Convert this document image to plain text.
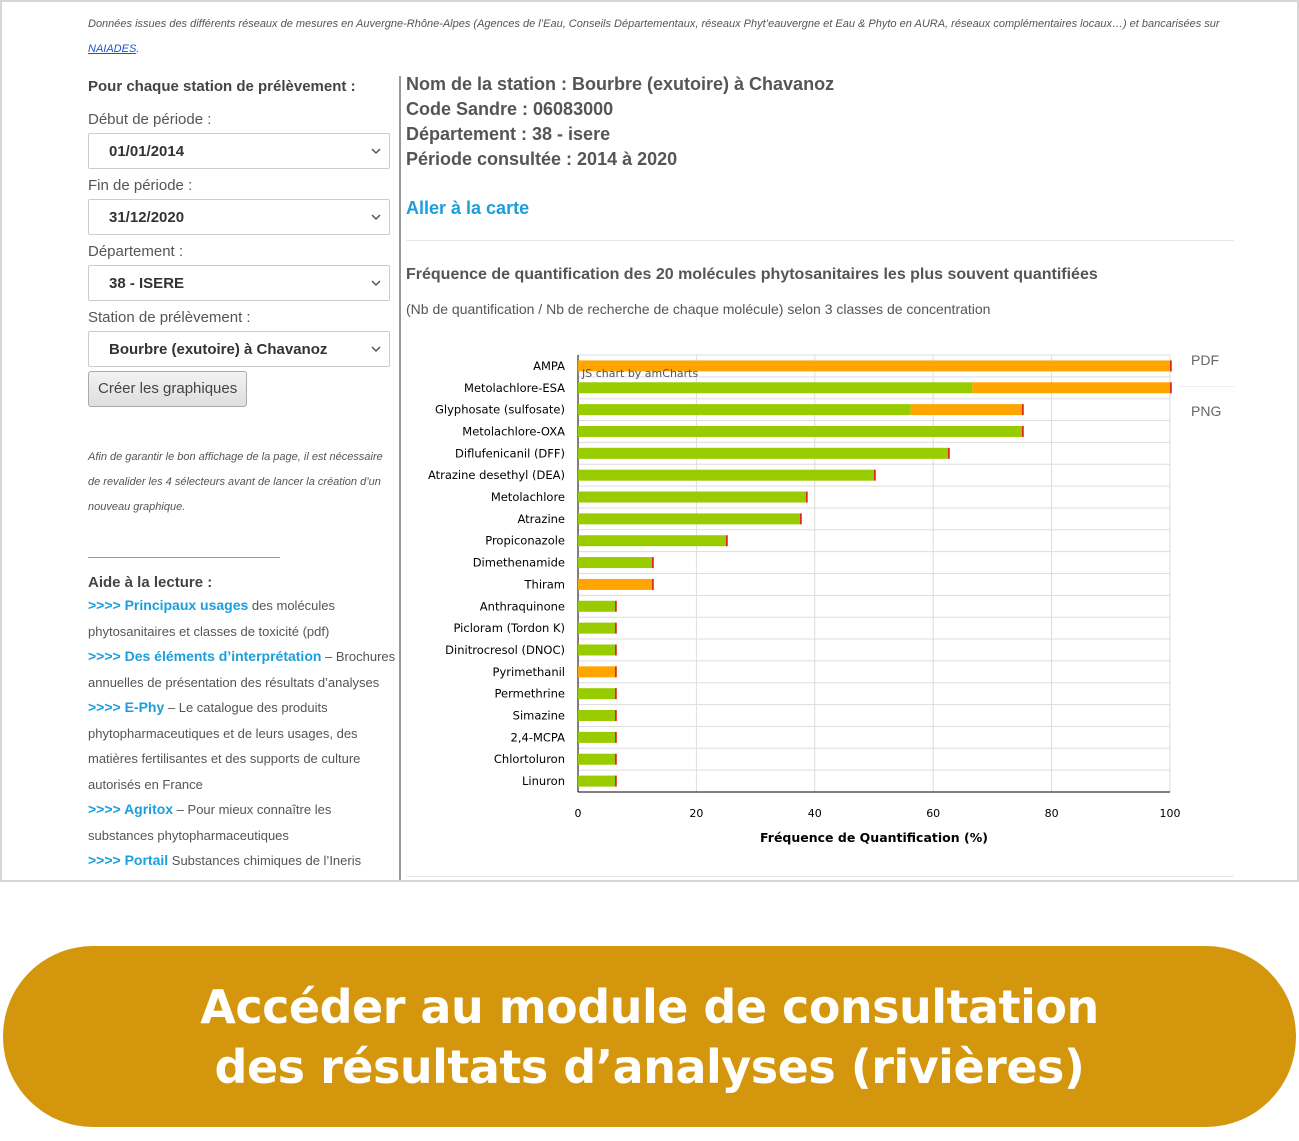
Données issues des différents réseaux de mesures en Auvergne-Rhône-Alpes (Agences de l’Eau, Conseils Départementaux, réseaux Phyt’eauvergne et Eau & Phyto en AURA, réseaux complémentaires locaux…) et bancarisées sur NAIADES.

Pour chaque station de prélèvement :
Début de période :
01/01/2014
Fin de période :
31/12/2020
Département :
38 - ISERE
Station de prélèvement :
Bourbre (exutoire) à Chavanoz
Créer les graphiques

Afin de garantir le bon affichage de la page, il est nécessaire de revalider les 4 sélecteurs avant de lancer la création d’un nouveau graphique.

Aide à la lecture :
>>>> Principaux usages des molécules phytosanitaires et classes de toxicité (pdf)
>>>> Des éléments d’interprétation – Brochures annuelles de présentation des résultats d’analyses
>>>> E-Phy – Le catalogue des produits phytopharmaceutiques et de leurs usages, des matières fertilisantes et des supports de culture autorisés en France
>>>> Agritox – Pour mieux connaître les substances phytopharmaceutiques
>>>> Portail Substances chimiques de l’Ineris
Nom de la station : Bourbre (exutoire) à Chavanoz
Code Sandre : 06083000
Département : 38 - isere
Période consultée : 2014 à 2020
Aller à la carte
Fréquence de quantification des 20 molécules phytosanitaires les plus souvent quantifiées
(Nb de quantification / Nb de recherche de chaque molécule) selon 3 classes de concentration
0	20	40	60	80	100
AMPA
Metolachlore-ESA
Glyphosate (sulfosate)
Metolachlore-OXA
Diflufenicanil (DFF)
Atrazine desethyl (DEA)
Metolachlore
Atrazine
Propiconazole
Dimethenamide
Thiram
Anthraquinone
Picloram (Tordon K)
Dinitrocresol (DNOC)
Pyrimethanil
Permethrine
Simazine
2,4-MCPA
Chlortoluron
Linuron
Fréquence de Quantification (%)
JS chart by amCharts
PDF
PNG
Accéder au module de consultation
des résultats d’analyses (rivières)
